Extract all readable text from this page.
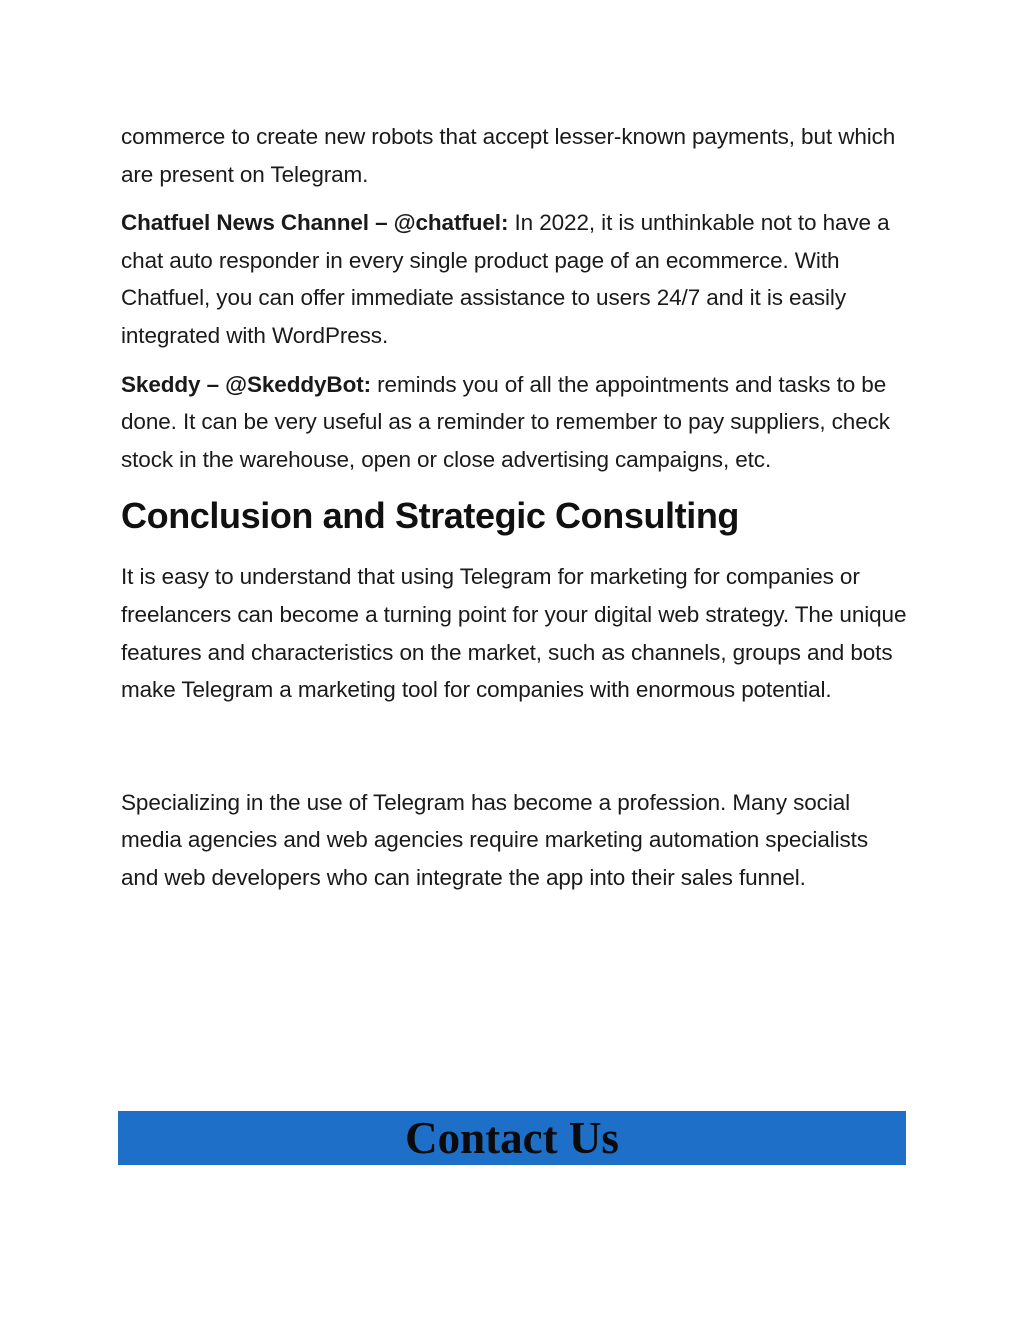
commerce to create new robots that accept lesser-known payments, but which are present on Telegram.

Chatfuel News Channel – @chatfuel: In 2022, it is unthinkable not to have a chat auto responder in every single product page of an ecommerce. With Chatfuel, you can offer immediate assistance to users 24/7 and it is easily integrated with WordPress.

Skeddy – @SkeddyBot: reminds you of all the appointments and tasks to be done. It can be very useful as a reminder to remember to pay suppliers, check stock in the warehouse, open or close advertising campaigns, etc.

Conclusion and Strategic Consulting

It is easy to understand that using Telegram for marketing for companies or freelancers can become a turning point for your digital web strategy. The unique features and characteristics on the market, such as channels, groups and bots make Telegram a marketing tool for companies with enormous potential.

Specializing in the use of Telegram has become a profession. Many social media agencies and web agencies require marketing automation specialists and web developers who can integrate the app into their sales funnel.

Contact Us
